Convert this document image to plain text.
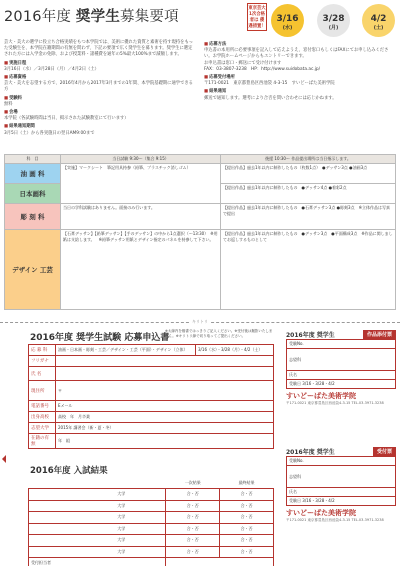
2016年度 奨学生募集要項
東京芸大 1次合格者は 優遇措置！
3/16
(水)
3/28
(月)
4/2
(土)
芸大・美大の選学に役立ち合格実績をもつ本学院では、美術に優れた資質と素術を持す現持をもった受験生を、本学院在籍期間の有無を問わず、下記の要項で広く奨学生を募ります。奨学生に選定された方には入学金の免除、および授業料・諸種費を通年の5%最大100%まで減額します。
■ 実施日程
3月16日（水）／3月28日（月）／4月2日（土）
■ 応募資格
芸大・美大を志望する方で、2016年4月から2017年3月までの1年間、本学院基礎期に通学できる方
■ 受験料
無料
■ 会場
本学院（各試験時間は当日、掲示された試験教室にて行います）
■ 結果通知期間
3月5日（土）から各実施日の翌日AM9:00まで
■ 応募方法
申込書の本用所に必要事項を記入して応えようえ、窓付窓口もしくはFAXにてお申し込みください。お学院ホームページからもエントリーできます。
お申込書は窓口・郵送にて受け付けます
FAX：03-3807-3238　HP：http://www.suidobata.ac.jp/
■ 応募受付場所
〒171-0021　東京都豊島区西池袋 4-3-15　すいどーばた美術学院
■ 結果通知
郵送で通知します。選考により合否を問い合わせには応じかねます。
科　目	当日試験 9:30〜（集合 9:15）	後援 10:30〜 作品提出場所は当日指示します。
油 画 科	【実施】マークシート　筆記用具持参（鉛筆、プラスチック消しゴム）	【提出作品】過去1年以内に制作したもの（枚数1点）　●デッサン3点 ●油画3点
日本画科		【提出作品】過去1年以内に制作したもの　●デッサン4点 ●着彩2点
彫 刻 科	当日の学科試験はありません。面接のみ行います。	【提出作品】過去1年以内に制作したもの　●石膏デッサン3点 ●彫刻3点　※立体作品は写真で提出
デザイン 工芸	【石膏デッサン】【鉛筆デッサン】【手のデッサン】の中から1点選択（〜13:30）　※用紙は支給します。　※鉛筆デッサン用紙とデザイン指定のパネルを持参して下さい。	【提出作品】過去1年以内に制作したもの　●デッサン3点　●平面構成3点　※作品に関しましてお返しするものとして
キリトリ
2016年度 奨学生試験 応募申込書
※太線内を楷書ではっきりご記入ください。※受付後は撮影いたしません。※キリトリ線で切り取ってご提出ください。
応 募 科	油画・日本画・彫刻・工芸／デザイン・工芸（平面）・デザイン（立体）	3/16（水）・3/28（月）・4/2（土）
フリガナ		
氏 名		
現住所	〒	
電話番号	Eメール	
出身高校	高校　年　月卒業	
志望大学	2015年 講習会（新・夏・冬）	
在籍の有無	年　組	
2016年度 入試結果
	一次結果	最終結果
大学	合・否	合・否
大学	合・否	合・否
大学	合・否	合・否
大学	合・否	合・否
大学	合・否	合・否
大学	合・否	合・否
受付担当者		
2016年度 奨学生	作品添付票
受験No.
志望科
氏名
受験日 3/16・3/28・4/2
すいどーばた美術学院
〒171-0021 東京都豊島区西池袋4-3-15 TEL.03-3971-3238
2016年度 奨学生	受付票
受験No.
志望科
氏名
受験日 3/16・3/28・4/2
すいどーばた美術学院
〒171-0021 東京都豊島区西池袋4-3-15 TEL.03-3971-3238
